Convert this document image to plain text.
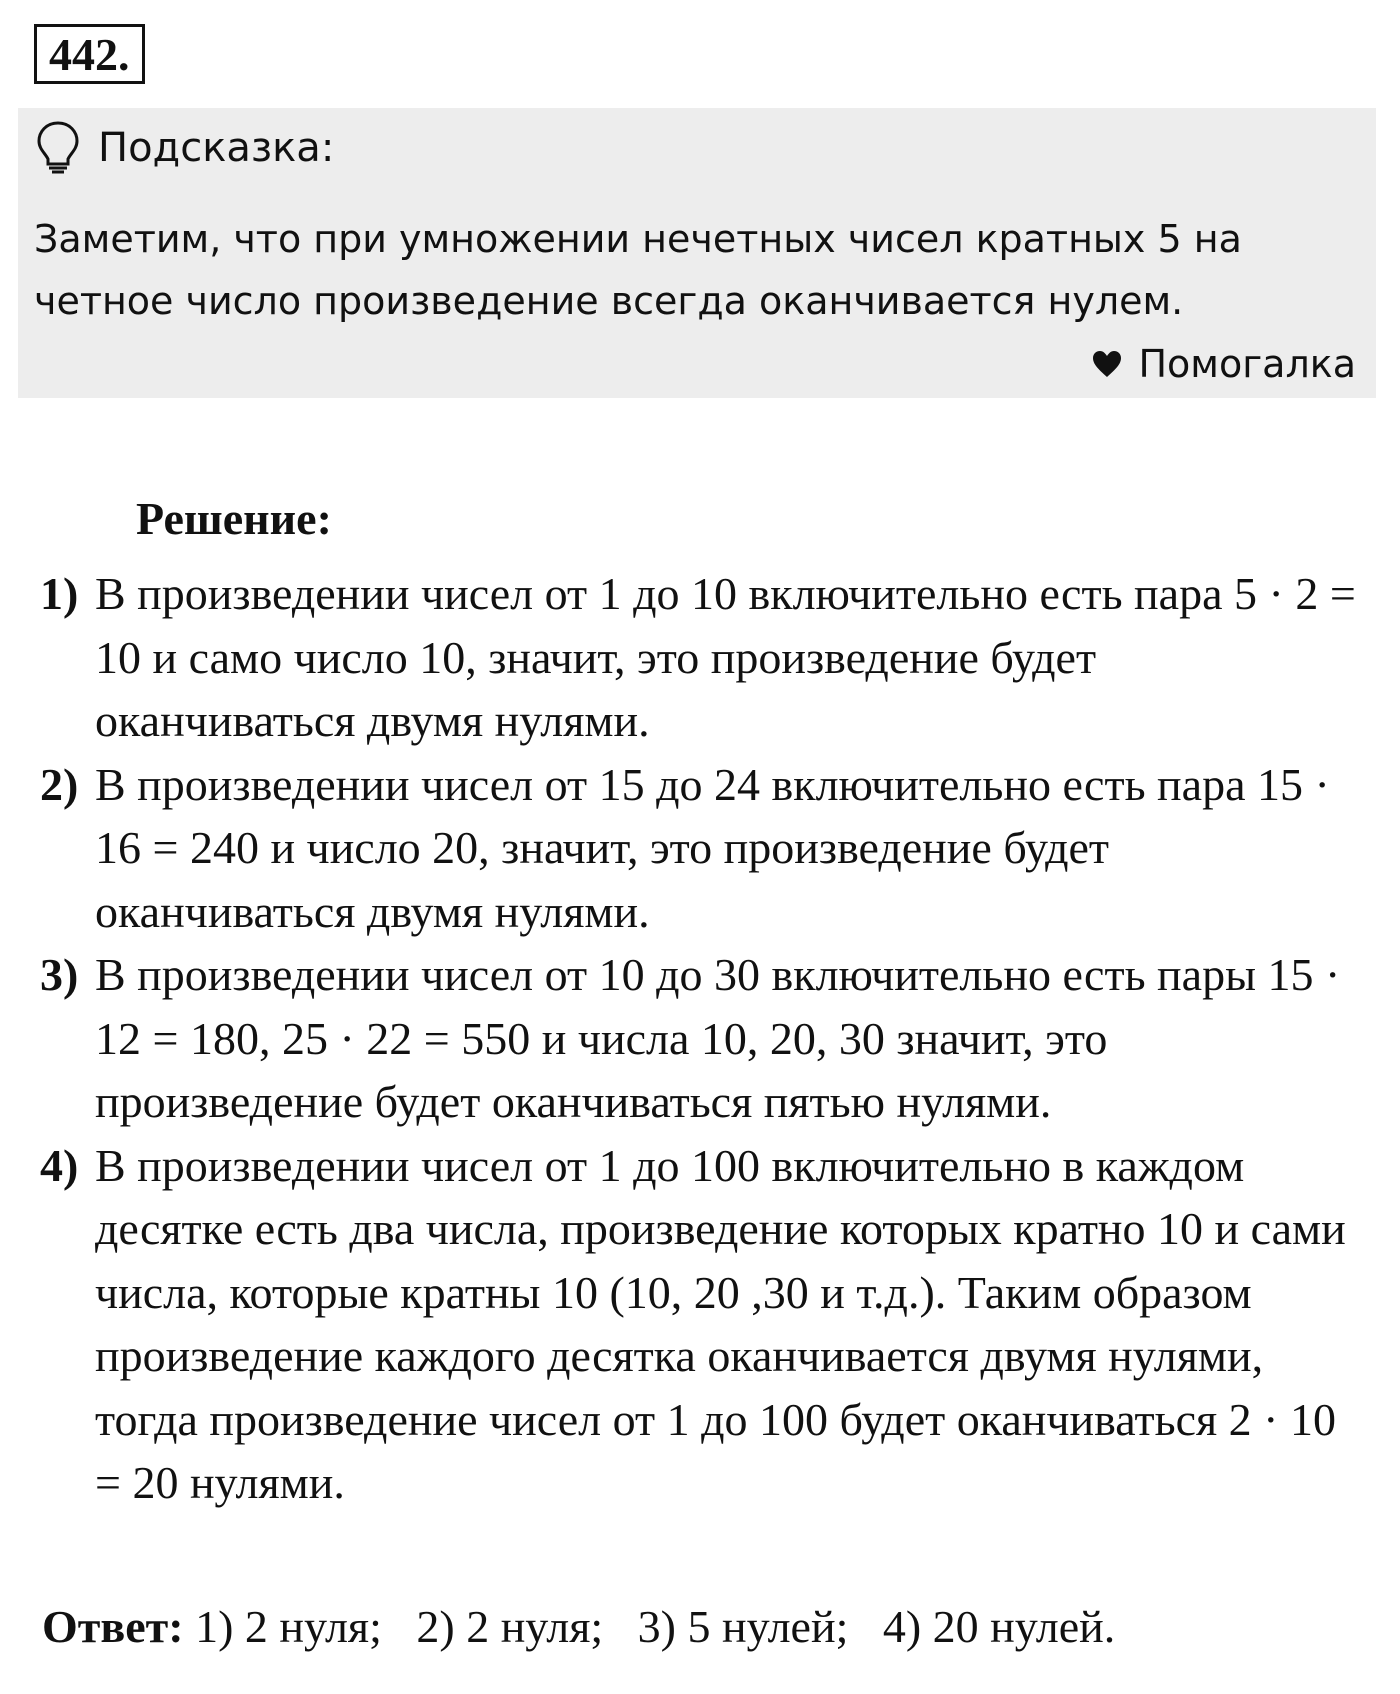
442.
Подсказка:
Заметим, что при умножении нечетных чисел кратных 5 на четное число произведение всегда оканчивается нулем.
Помогалка
Решение:
1) В произведении чисел от 1 до 10 включительно есть пара 5 · 2 = 10 и само число 10, значит, это произведение будет оканчиваться двумя нулями.
2) В произведении чисел от 15 до 24 включительно есть пара 15 · 16 = 240 и число 20, значит, это произведение будет оканчиваться двумя нулями.
3) В произведении чисел от 10 до 30 включительно есть пары 15 · 12 = 180, 25 · 22 = 550 и числа 10, 20, 30 значит, это произведение будет оканчиваться пятью нулями.
4) В произведении чисел от 1 до 100 включительно в каждом десятке есть два числа, произведение которых кратно 10 и сами числа, которые кратны 10 (10, 20 ,30 и т.д.). Таким образом произведение каждого десятка оканчивается двумя нулями, тогда произведение чисел от 1 до 100 будет оканчиваться 2 · 10 = 20 нулями.
Ответ: 1) 2 нуля;   2) 2 нуля;   3) 5 нулей;   4) 20 нулей.
